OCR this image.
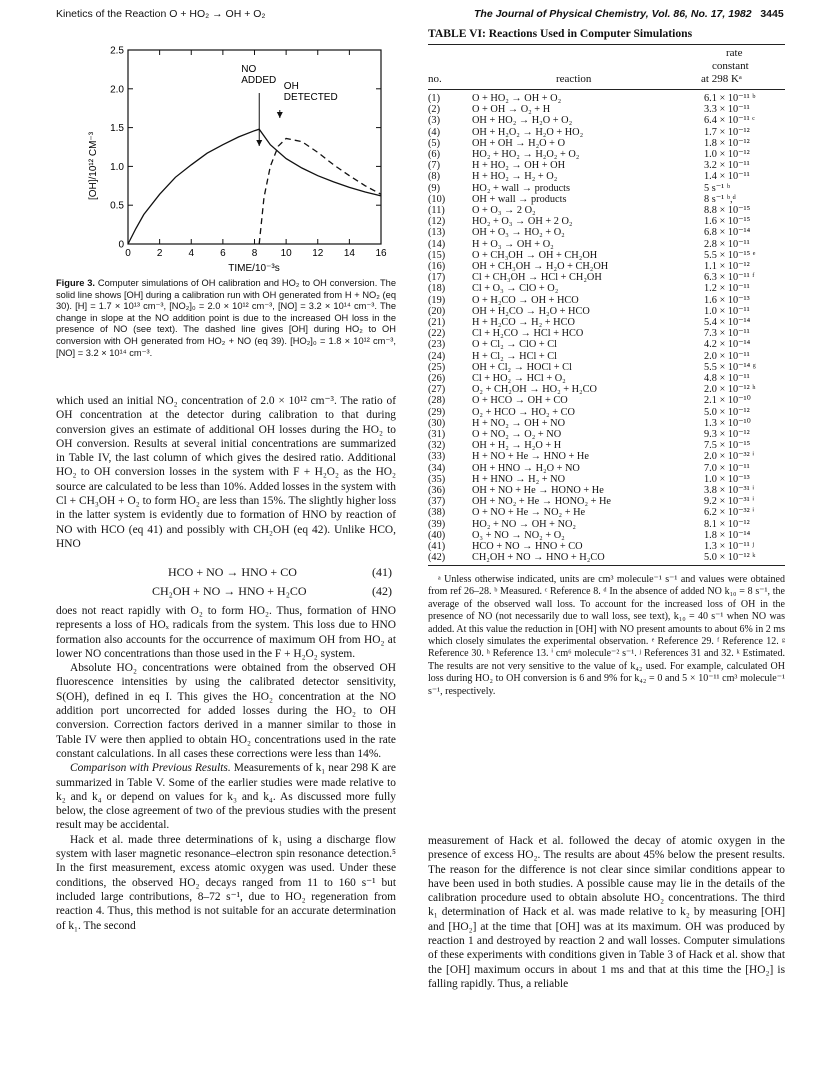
Kinetics of the Reaction O + HO₂ → OH + O₂	The Journal of Physical Chemistry, Vol. 86, No. 17, 1982 3445
0	2	4	6	8 10 12 14 16
0
0.5
1.0
1.5
2.0
2.5
NO ADDED
OH DETECTED
TIME/10⁻³s
[OH]/10¹² CM⁻³
Figure 3. Computer simulations of OH calibration and HO₂ to OH conversion. The solid line shows [OH] during a calibration run with OH generated from H + NO₂ (eq 30). [H] = 1.7 × 10¹³ cm⁻³, [NO₂]₀ = 2.0 × 10¹² cm⁻³, [NO] = 3.2 × 10¹⁴ cm⁻³. The change in slope at the NO addition point is due to the increased OH loss in the presence of NO (see text). The dashed line gives [OH] during HO₂ to OH conversion with OH generated from HO₂ + NO (eq 39). [HO₂]₀ = 1.8 × 10¹² cm⁻³, [NO] = 3.2 × 10¹⁴ cm⁻³.

which used an initial NO₂ concentration of 2.0 × 10¹² cm⁻³. The ratio of OH concentration at the detector during calibration to that during conversion gives an estimate of additional OH losses during the HO₂ to OH conversion. Results at several initial concentrations are summarized in Table IV, the last column of which gives the desired ratio. Additional HO₂ to OH conversion losses in the system with F + H₂O₂ as the HO₂ source are calculated to be less than 10%. Added losses in the system with Cl + CH₃OH + O₂ to form HO₂ are less than 15%. The slightly higher loss in the latter system is evidently due to formation of HNO by reaction of NO with HCO (eq 41) and possibly with CH₂OH (eq 42). Unlike HCO, HNO

HCO + NO → HNO + CO	(41)
CH₂OH + NO → HNO + H₂CO	(42)

does not react rapidly with O₂ to form HO₂. Thus, formation of HNO represents a loss of HOₓ radicals from the system. This loss due to HNO formation also accounts for the occurrence of maximum OH from HO₂ at lower NO concentrations than those used in the F + H₂O₂ system.

Absolute HO₂ concentrations were obtained from the observed OH fluorescence intensities by using the calibrated detector sensitivity, S(OH), defined in eq I. This gives the HO₂ concentration at the NO addition port uncorrected for added losses during the HO₂ to OH conversion. Correction factors derived in a manner similar to those in Table IV were then applied to obtain HO₂ concentrations used in the rate constant calculations. In all cases these corrections were less than 14%.

Comparison with Previous Results. Measurements of k₁ near 298 K are summarized in Table V. Some of the earlier studies were made relative to k₂ and k₄ or depend on values for k₃ and k₄. As discussed more fully below, the close agreement of two of the previous studies with the present result may be accidental.

Hack et al. made three determinations of k₁ using a discharge flow system with laser magnetic resonance–electron spin resonance detection.⁵ In the first measurement, excess atomic oxygen was used. Under these conditions, the observed HO₂ decays ranged from 11 to 160 s⁻¹ but included large contributions, 8–72 s⁻¹, due to HO₂ regeneration from reaction 4. Thus, this method is not suitable for an accurate determination of k₁. The second

TABLE VI: Reactions Used in Computer Simulations
rate
constant
at 298 Kᵃ
no.	reaction
(1)	O + HO₂ → OH + O₂	6.1 × 10⁻¹¹ ᵇ
(2)	O + OH → O₂ + H	3.3 × 10⁻¹¹
(3)	OH + HO₂ → H₂O + O₂	6.4 × 10⁻¹¹ ᶜ
(4)	OH + H₂O₂ → H₂O + HO₂	1.7 × 10⁻¹²
(5)	OH + OH → H₂O + O	1.8 × 10⁻¹²
(6)	HO₂ + HO₂ → H₂O₂ + O₂	1.0 × 10⁻¹²
(7)	H + HO₂ → OH + OH	3.2 × 10⁻¹¹
(8)	H + HO₂ → H₂ + O₂	1.4 × 10⁻¹¹
(9)	HO₂ + wall → products	5 s⁻¹ ᵇ
(10)	OH + wall → products	8 s⁻¹ ᵇ,ᵈ
(11)	O + O₃ → 2 O₂	8.8 × 10⁻¹⁵
(12)	HO₂ + O₃ → OH + 2 O₂	1.6 × 10⁻¹⁵
(13)	OH + O₃ → HO₂ + O₂	6.8 × 10⁻¹⁴
(14)	H + O₃ → OH + O₂	2.8 × 10⁻¹¹
(15)	O + CH₃OH → OH + CH₂OH	5.5 × 10⁻¹⁵ ᵉ
(16)	OH + CH₃OH → H₂O + CH₂OH	1.1 × 10⁻¹²
(17)	Cl + CH₃OH → HCl + CH₂OH	6.3 × 10⁻¹¹ ᶠ
(18)	Cl + O₃ → ClO + O₂	1.2 × 10⁻¹¹
(19)	O + H₂CO → OH + HCO	1.6 × 10⁻¹³
(20)	OH + H₂CO → H₂O + HCO	1.0 × 10⁻¹¹
(21)	H + H₂CO → H₂ + HCO	5.4 × 10⁻¹⁴
(22)	Cl + H₂CO → HCl + HCO	7.3 × 10⁻¹¹
(23)	O + Cl₂ → ClO + Cl	4.2 × 10⁻¹⁴
(24)	H + Cl₂ → HCl + Cl	2.0 × 10⁻¹¹
(25)	OH + Cl₂ → HOCl + Cl	5.5 × 10⁻¹⁴ ᵍ
(26)	Cl + HO₂ → HCl + O₂	4.8 × 10⁻¹¹
(27)	O₂ + CH₂OH → HO₂ + H₂CO	2.0 × 10⁻¹² ʰ
(28)	O + HCO → OH + CO	2.1 × 10⁻¹⁰
(29)	O₂ + HCO → HO₂ + CO	5.0 × 10⁻¹²
(30)	H + NO₂ → OH + NO	1.3 × 10⁻¹⁰
(31)	O + NO₂ → O₂ + NO	9.3 × 10⁻¹²
(32)	OH + H₂ → H₂O + H	7.5 × 10⁻¹⁵
(33)	H + NO + He → HNO + He	2.0 × 10⁻³² ⁱ
(34)	OH + HNO → H₂O + NO	7.0 × 10⁻¹¹
(35)	H + HNO → H₂ + NO	1.0 × 10⁻¹³
(36)	OH + NO + He → HONO + He	3.8 × 10⁻³¹ ⁱ
(37)	OH + NO₂ + He → HONO₂ + He	9.2 × 10⁻³¹ ⁱ
(38)	O + NO + He → NO₂ + He	6.2 × 10⁻³² ⁱ
(39)	HO₂ + NO → OH + NO₂	8.1 × 10⁻¹²
(40)	O₃ + NO → NO₂ + O₂	1.8 × 10⁻¹⁴
(41)	HCO + NO → HNO + CO	1.3 × 10⁻¹¹ ʲ
(42)	CH₂OH + NO → HNO + H₂CO	5.0 × 10⁻¹² ᵏ

ᵃ Unless otherwise indicated, units are cm³ molecule⁻¹ s⁻¹ and values were obtained from ref 26–28. ᵇ Measured. ᶜ Reference 8. ᵈ In the absence of added NO k₁₀ = 8 s⁻¹, the average of the observed wall loss. To account for the increased loss of OH in the presence of NO (not necessarily due to wall loss, see text), k₁₀ = 40 s⁻¹ when NO was added. At this value the reduction in [OH] with NO present amounts to about 6% in 2 ms which closely simulates the experimental observation. ᵉ Reference 29. ᶠ Reference 12. ᵍ Reference 30. ʰ Reference 13. ⁱ cm⁶ molecule⁻² s⁻¹. ʲ References 31 and 32. ᵏ Estimated. The results are not very sensitive to the value of k₄₂ used. For example, calculated OH loss during HO₂ to OH conversion is 6 and 9% for k₄₂ = 0 and 5 × 10⁻¹¹ cm³ molecule⁻¹ s⁻¹, respectively.

measurement of Hack et al. followed the decay of atomic oxygen in the presence of excess HO₂. The results are about 45% below the present results. The reason for the difference is not clear since similar conditions appear to have been used in both studies. A possible cause may lie in the details of the calibration procedure used to obtain absolute HO₂ concentrations. The third k₁ determination of Hack et al. was made relative to k₂ by measuring [OH] and [HO₂] at the time that [OH] was at its maximum. OH was produced by reaction 1 and destroyed by reaction 2 and wall losses. Computer simulations of these experiments with conditions given in Table 3 of Hack et al. show that the [OH] maximum occurs in about 1 ms and that at this time the [HO₂] is falling rapidly. Thus, a reliable
